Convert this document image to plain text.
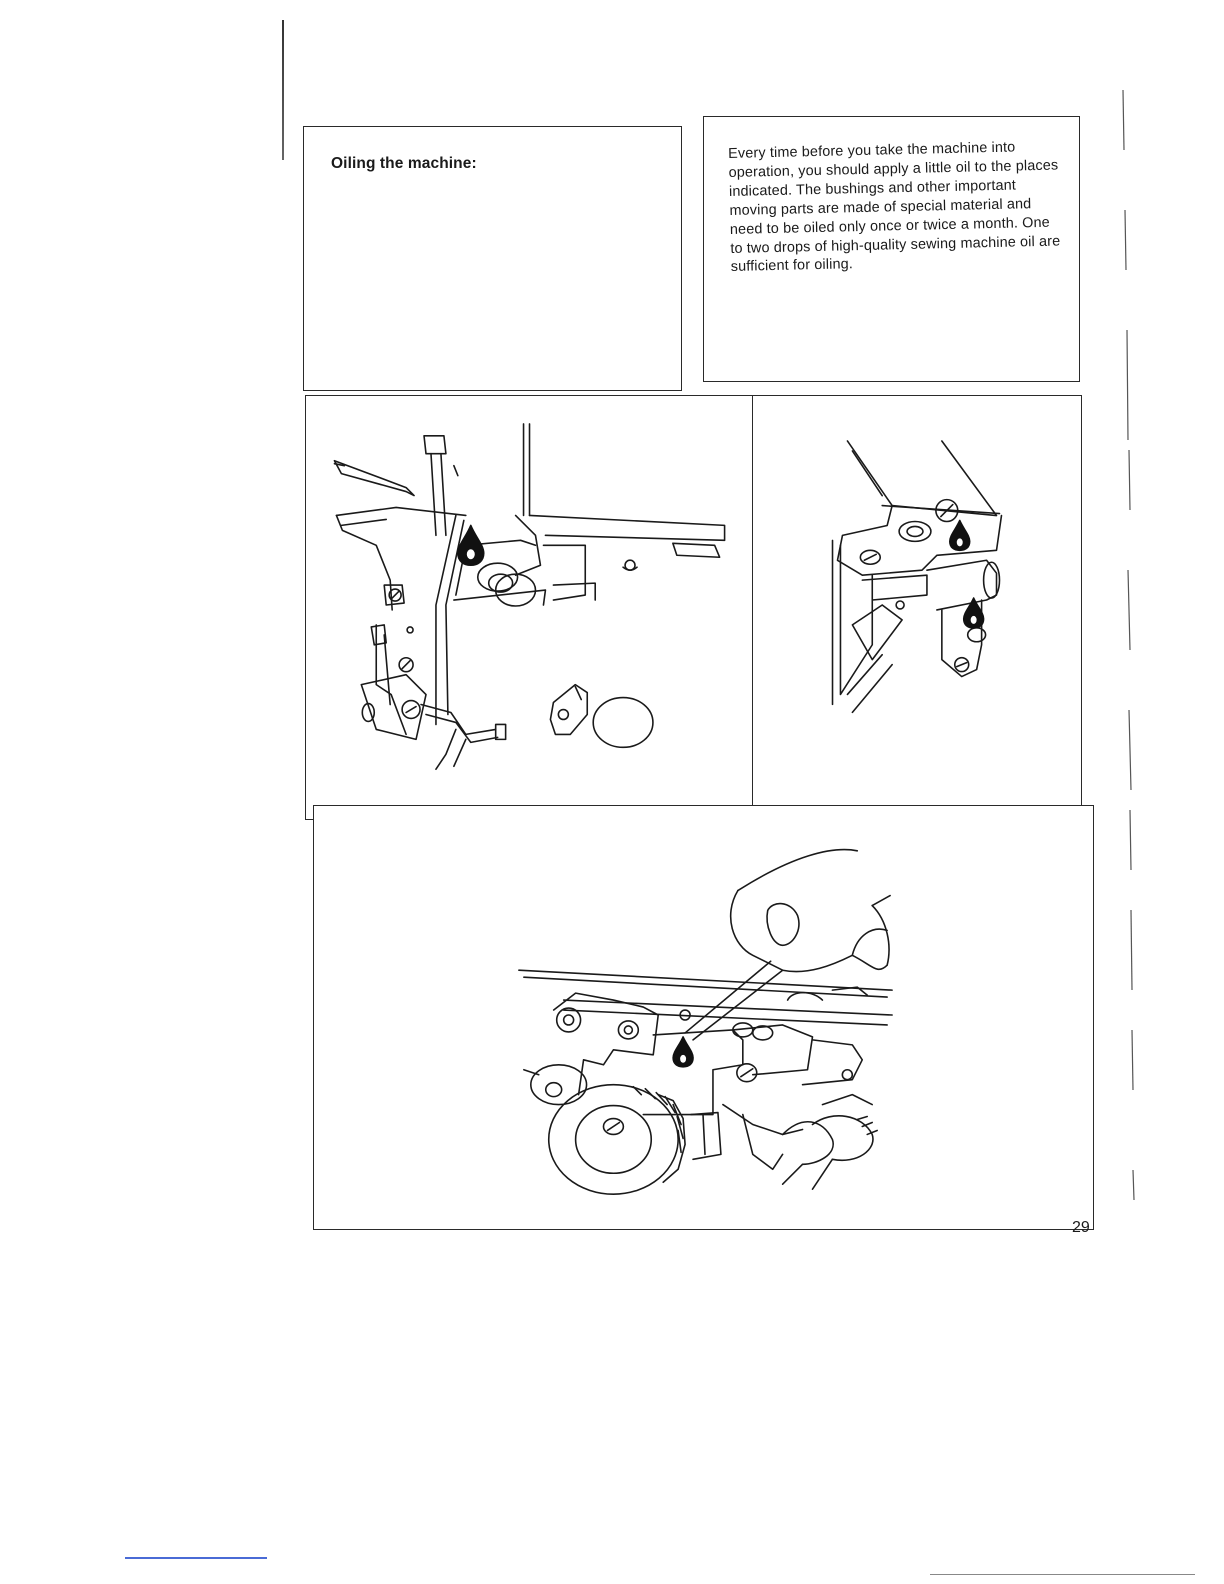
Oiling the machine:
Every time before you take the machine into operation, you should apply a little oil to the places indicated. The bushings and other important moving parts are made of special material and need to be oiled only once or twice a month. One to two drops of high-quality sewing machine oil are sufficient for oiling.
29
